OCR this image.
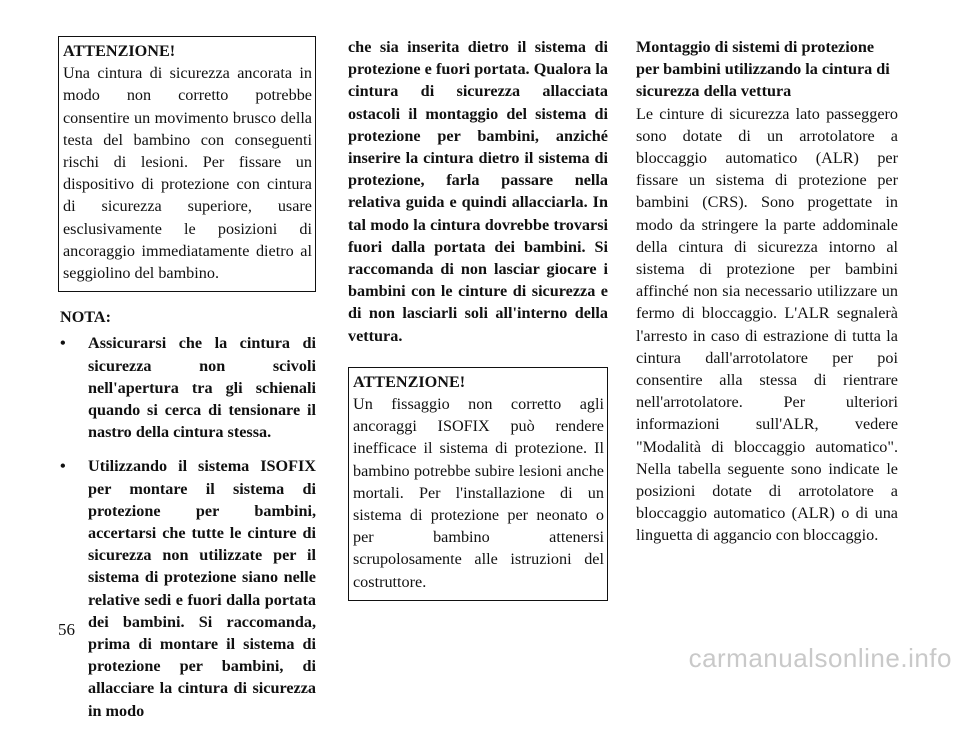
ATTENZIONE!
Una cintura di sicurezza ancorata in modo non corretto potrebbe consentire un movimento brusco della testa del bambino con conseguenti rischi di lesioni. Per fissare un dispositivo di protezione con cintura di sicurezza superiore, usare esclusivamente le posizioni di ancoraggio immediatamente dietro al seggiolino del bambino.
NOTA:
• Assicurarsi che la cintura di sicurezza non scivoli nell'apertura tra gli schienali quando si cerca di tensionare il nastro della cintura stessa.
• Utilizzando il sistema ISOFIX per montare il sistema di protezione per bambini, accertarsi che tutte le cinture di sicurezza non utilizzate per il sistema di protezione siano nelle relative sedi e fuori dalla portata dei bambini. Si raccomanda, prima di montare il sistema di protezione per bambini, di allacciare la cintura di sicurezza in modo

che sia inserita dietro il sistema di protezione e fuori portata. Qualora la cintura di sicurezza allacciata ostacoli il montaggio del sistema di protezione per bambini, anziché inserire la cintura dietro il sistema di protezione, farla passare nella relativa guida e quindi allacciarla. In tal modo la cintura dovrebbe trovarsi fuori dalla portata dei bambini. Si raccomanda di non lasciar giocare i bambini con le cinture di sicurezza e di non lasciarli soli all'interno della vettura.

ATTENZIONE!
Un fissaggio non corretto agli ancoraggi ISOFIX può rendere inefficace il sistema di protezione. Il bambino potrebbe subire lesioni anche mortali. Per l'installazione di un sistema di protezione per neonato o per bambino attenersi scrupolosamente alle istruzioni del costruttore.
Montaggio di sistemi di protezione per bambini utilizzando la cintura di sicurezza della vettura

Le cinture di sicurezza lato passeggero sono dotate di un arrotolatore a bloccaggio automatico (ALR) per fissare un sistema di protezione per bambini (CRS). Sono progettate in modo da stringere la parte addominale della cintura di sicurezza intorno al sistema di protezione per bambini affinché non sia necessario utilizzare un fermo di bloccaggio. L'ALR segnalerà l'arresto in caso di estrazione di tutta la cintura dall'arrotolatore per poi consentire alla stessa di rientrare nell'arrotolatore. Per ulteriori informazioni sull'ALR, vedere "Modalità di bloccaggio automatico". Nella tabella seguente sono indicate le posizioni dotate di arrotolatore a bloccaggio automatico (ALR) o di una linguetta di aggancio con bloccaggio.

56
carmanualsonline.info
